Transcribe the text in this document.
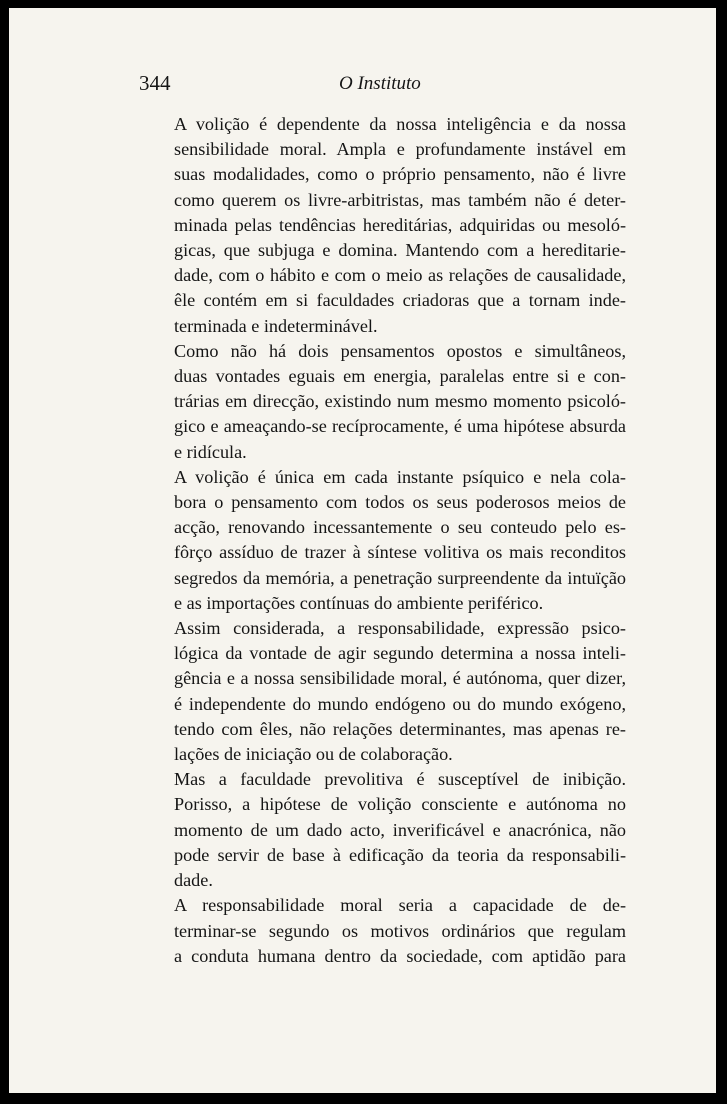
344	O Instituto

A volição é dependente da nossa inteligência e da nossa
sensibilidade moral. Ampla e profundamente instável em
suas modalidades, como o próprio pensamento, não é livre
como querem os livre-arbitristas, mas também não é deter-
minada pelas tendências hereditárias, adquiridas ou mesoló-
gicas, que subjuga e domina. Mantendo com a hereditarie-
dade, com o hábito e com o meio as relações de causalidade,
êle contém em si faculdades criadoras que a tornam inde-
terminada e indeterminável.

Como não há dois pensamentos opostos e simultâneos,
duas vontades eguais em energia, paralelas entre si e con-
trárias em direcção, existindo num mesmo momento psicoló-
gico e ameaçando-se recíprocamente, é uma hipótese absurda
e ridícula.

A volição é única em cada instante psíquico e nela cola-
bora o pensamento com todos os seus poderosos meios de
acção, renovando incessantemente o seu conteudo pelo es-
fôrço assíduo de trazer à síntese volitiva os mais reconditos
segredos da memória, a penetração surpreendente da intuïção
e as importações contínuas do ambiente periférico.

Assim considerada, a responsabilidade, expressão psico-
lógica da vontade de agir segundo determina a nossa inteli-
gência e a nossa sensibilidade moral, é autónoma, quer dizer,
é independente do mundo endógeno ou do mundo exógeno,
tendo com êles, não relações determinantes, mas apenas re-
lações de iniciação ou de colaboração.

Mas a faculdade prevolitiva é susceptível de inibição.
Porisso, a hipótese de volição consciente e autónoma no
momento de um dado acto, inverificável e anacrónica, não
pode servir de base à edificação da teoria da responsabili-
dade.

A responsabilidade moral seria a capacidade de de-
terminar-se segundo os motivos ordinários que regulam
a conduta humana dentro da sociedade, com aptidão para
